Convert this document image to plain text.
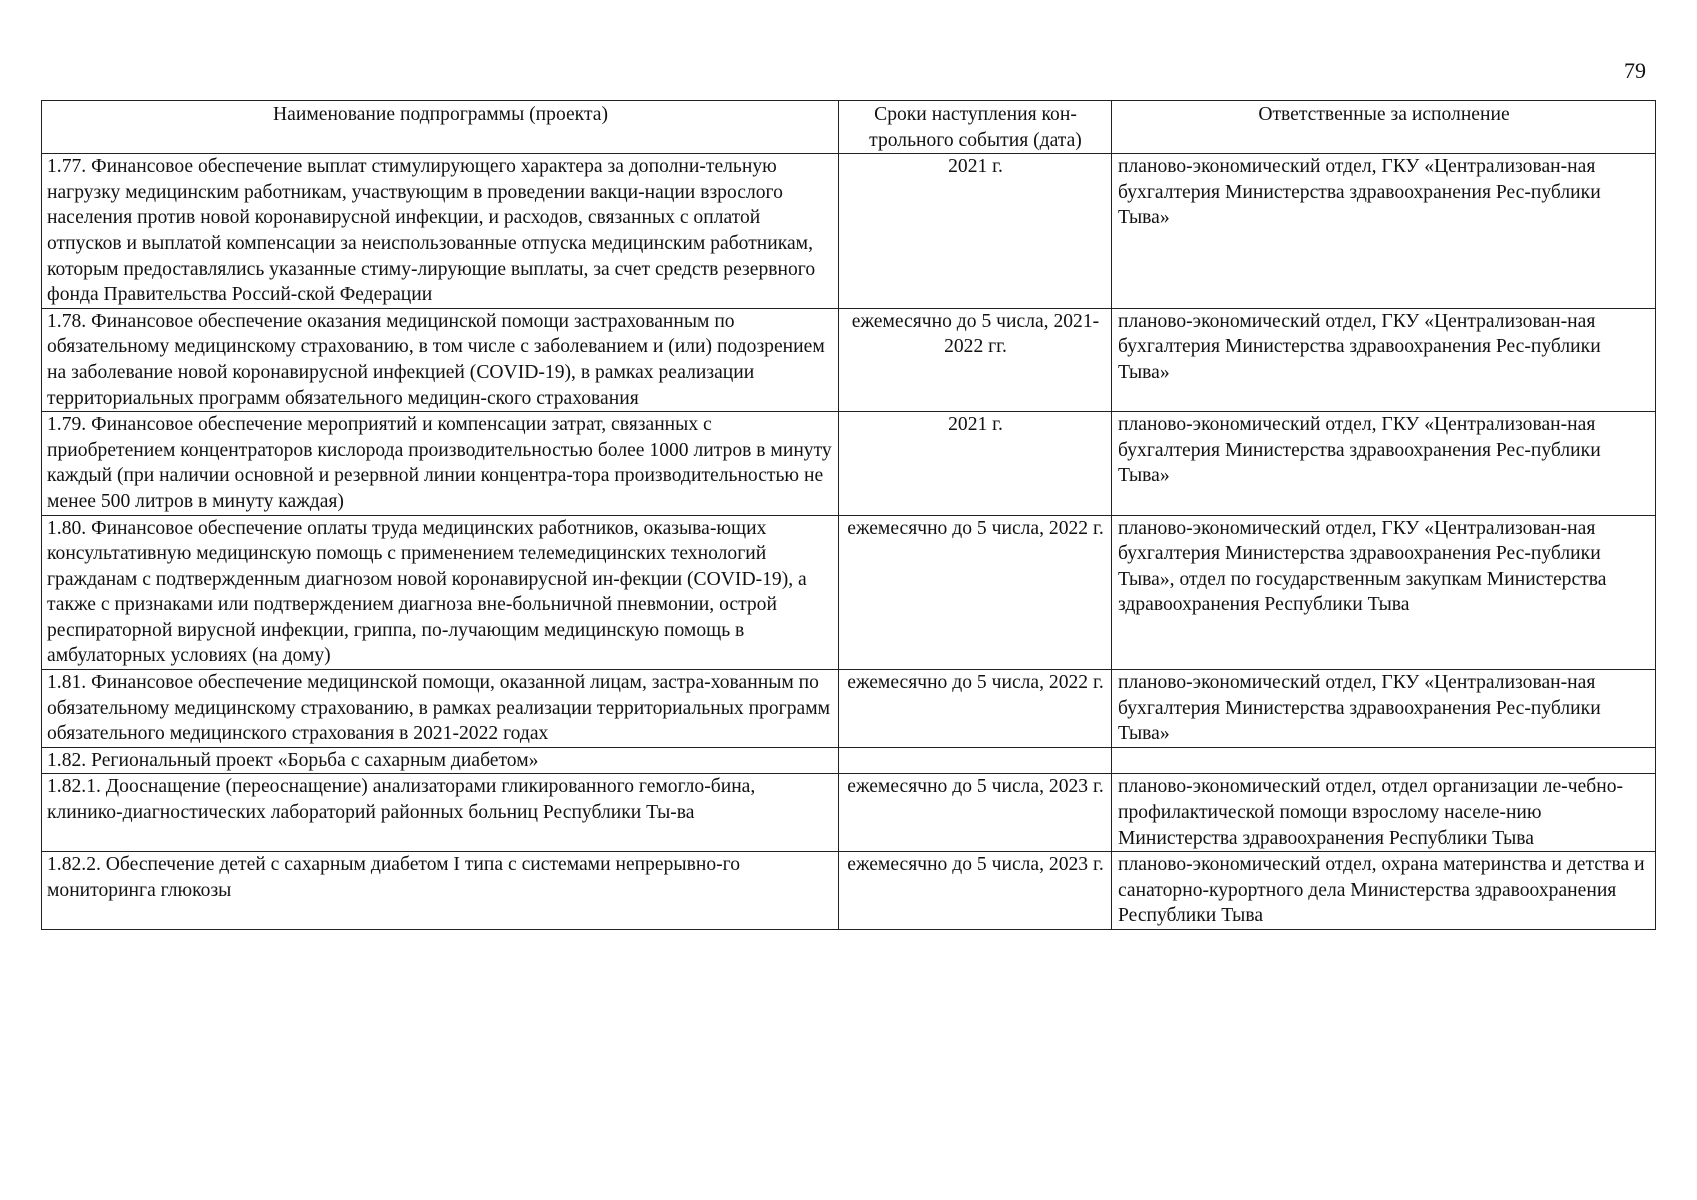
79
Наименование подпрограммы (проекта)	Сроки наступления кон-трольного события (дата)	Ответственные за исполнение
1.77. Финансовое обеспечение выплат стимулирующего характера за дополни-тельную нагрузку медицинским работникам, участвующим в проведении вакци-нации взрослого населения против новой коронавирусной инфекции, и расходов, связанных с оплатой отпусков и выплатой компенсации за неиспользованные отпуска медицинским работникам, которым предоставлялись указанные стиму-лирующие выплаты, за счет средств резервного фонда Правительства Россий-ской Федерации	2021 г.	планово-экономический отдел, ГКУ «Централизован-ная бухгалтерия Министерства здравоохранения Рес-публики Тыва»
1.78. Финансовое обеспечение оказания медицинской помощи застрахованным по обязательному медицинскому страхованию, в том числе с заболеванием и (или) подозрением на заболевание новой коронавирусной инфекцией (COVID-19), в рамках реализации территориальных программ обязательного медицин-ского страхования	ежемесячно до 5 числа, 2021-2022 гг.	планово-экономический отдел, ГКУ «Централизован-ная бухгалтерия Министерства здравоохранения Рес-публики Тыва»
1.79. Финансовое обеспечение мероприятий и компенсации затрат, связанных с приобретением концентраторов кислорода производительностью более 1000 литров в минуту каждый (при наличии основной и резервной линии концентра-тора производительностью не менее 500 литров в минуту каждая)	2021 г.	планово-экономический отдел, ГКУ «Централизован-ная бухгалтерия Министерства здравоохранения Рес-публики Тыва»
1.80. Финансовое обеспечение оплаты труда медицинских работников, оказыва-ющих консультативную медицинскую помощь с применением телемедицинских технологий гражданам с подтвержденным диагнозом новой коронавирусной ин-фекции (COVID-19), а также с признаками или подтверждением диагноза вне-больничной пневмонии, острой респираторной вирусной инфекции, гриппа, по-лучающим медицинскую помощь в амбулаторных условиях (на дому)	ежемесячно до 5 числа, 2022 г.	планово-экономический отдел, ГКУ «Централизован-ная бухгалтерия Министерства здравоохранения Рес-публики Тыва», отдел по государственным закупкам Министерства здравоохранения Республики Тыва
1.81. Финансовое обеспечение медицинской помощи, оказанной лицам, застра-хованным по обязательному медицинскому страхованию, в рамках реализации территориальных программ обязательного медицинского страхования в 2021-2022 годах	ежемесячно до 5 числа, 2022 г.	планово-экономический отдел, ГКУ «Централизован-ная бухгалтерия Министерства здравоохранения Рес-публики Тыва»
1.82. Региональный проект «Борьба с сахарным диабетом»		
1.82.1. Дооснащение (переоснащение) анализаторами гликированного гемогло-бина, клинико-диагностических лабораторий районных больниц Республики Ты-ва	ежемесячно до 5 числа, 2023 г.	планово-экономический отдел, отдел организации ле-чебно-профилактической помощи взрослому населе-нию Министерства здравоохранения Республики Тыва
1.82.2. Обеспечение детей с сахарным диабетом I типа с системами непрерывно-го мониторинга глюкозы	ежемесячно до 5 числа, 2023 г.	планово-экономический отдел, охрана материнства и детства и санаторно-курортного дела Министерства здравоохранения Республики Тыва
